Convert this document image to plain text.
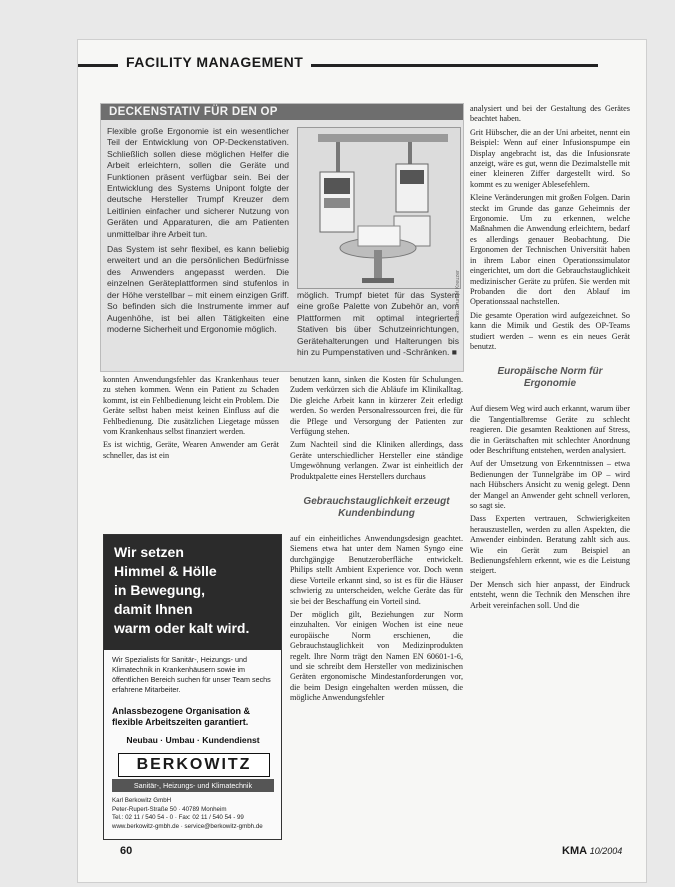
FACILITY MANAGEMENT
DECKENSTATIV FÜR DEN OP

Flexible große Ergonomie ist ein wesentlicher Teil der Entwicklung von OP-Deckenstativen. Schließlich sollen diese möglichen Helfer die Arbeit erleichtern, sollen die Geräte und Funktionen präsent verfügbar sein. Bei der Entwicklung des Systems Unipont folgte der deutsche Hersteller Trumpf Kreuzer dem Leitlinien einfacher und sicherer Nutzung von Geräten und Apparaturen, die am Patienten unmittelbar ihre Arbeit tun.

Das System ist sehr flexibel, es kann beliebig erweitert und an die persönlichen Bedürfnisse des Anwenders angepasst werden. Die einzelnen Geräteplattformen sind stufenlos in der Höhe verstellbar – mit einem einzigen Griff. So befinden sich die Instrumente immer auf Augenhöhe, ist bei allen Tätigkeiten eine moderne Sicherheit und Ergonomie möglich.

möglich. Trumpf bietet für das System eine große Palette von Zubehör an, vom Plattformen mit optimal integrierten Stativen bis über Schutzeinrichtungen, Gerätehalterungen und Halterungen bis hin zu Pumpenstativen und -Schränken. ■
Foto: Trumpf Kreuzer

konnten Anwendungsfehler das Krankenhaus teuer zu stehen kommen. Wenn ein Patient zu Schaden kommt, ist ein Fehlbedienung leicht ein Problem. Die Geräte selbst haben meist keinen Einfluss auf die Fehlbedienung. Die zusätzlichen Liegetage müssen vom Krankenhaus selbst finanziert werden.

Es ist wichtig, Geräte, Wearen Anwender am Gerät schneller, das ist ein

benutzen kann, sinken die Kosten für Schulungen. Zudem verkürzen sich die Abläufe im Klinikalltag. Die gleiche Arbeit kann in kürzerer Zeit erledigt werden. So werden Personalressourcen frei, die für die Pflege und Versorgung der Patienten zur Verfügung stehen.

Zum Nachteil sind die Kliniken allerdings, dass Geräte unterschiedlicher Hersteller eine ständige Umgewöhnung verlangen. Zwar ist einheitlich der Produktpalette eines Herstellers durchaus

Gebrauchstauglichkeit erzeugt Kundenbindung

auf ein einheitliches Anwendungsdesign geachtet. Siemens etwa hat unter dem Namen Syngo eine durchgängige Benutzeroberfläche entwickelt. Philips stellt Ambient Experience vor. Doch wenn diese Vorteile erkannt sind, so ist es für die Häuser schwierig zu unterscheiden, welche Geräte das für sie bei der Beschaffung ein Vorteil sind.

Der möglich gilt, Beziehungen zur Norm einzuhalten. Vor einigen Wochen ist eine neue europäische Norm erschienen, die Gebrauchstauglichkeit von Medizinprodukten regelt. Ihre Norm trägt den Namen EN 60601-1-6, und sie schreibt dem Hersteller von medizinischen Geräten ergonomische Mindestanforderungen vor, die beim Design eingehalten werden müssen, die mögliche Anwendungsfehler

analysiert und bei der Gestaltung des Gerätes beachtet haben.

Grit Hübscher, die an der Uni arbeitet, nennt ein Beispiel: Wenn auf einer Infusionspumpe ein Display angebracht ist, das die Infusionsrate anzeigt, wäre es gut, wenn die Dezimalstelle mit einer kleineren Ziffer dargestellt wird. So kommt es zu weniger Ablesefehlern.

Kleine Veränderungen mit großen Folgen. Darin steckt im Grunde das ganze Geheimnis der Ergonomie. Um zu erkennen, welche Maßnahmen die Anwendung erleichtern, bedarf es allerdings genauer Beobachtung. Die Ergonomen der Technischen Universität haben in ihrem Labor einen Operationssimulator eingerichtet, um dort die Gebrauchstauglichkeit medizinischer Geräte zu prüfen. Sie werden mit Probanden die dort den Ablauf im Operationssaal nachstellen.

Die gesamte Operation wird aufgezeichnet. So kann die Mimik und Gestik des OP-Teams studiert werden – wenn es ein neues Gerät benutzt.

Europäische Norm für Ergonomie

Auf diesem Weg wird auch erkannt, warum über die Tangentialbremse Geräte zu schlecht reagieren. Die gesamten Reaktionen auf Stress, die in Gerätschaften mit schlechter Anordnung oder Beschriftung entstehen, werden analysiert.

Auf der Umsetzung von Erkenntnissen – etwa Bedienungen der Tunnelgräbe im OP – wird nach Hübschers Ansicht zu wenig gelegt. Denn der Mangel an Anwender geht schnell verloren, so sagt sie.

Dass Experten vertrauen, Schwierigkeiten herauszustellen, werden zu allen Aspekten, die Anwender einbinden. Beratung zahlt sich aus. Wie ein Gerät zum Beispiel an Bedienungsfehlern erkennt, wie es die Leistung steigert.

Der Mensch sich hier anpasst, der Eindruck entsteht, wenn die Technik den Menschen ihre Arbeit vereinfachen soll. Und die

Wir setzen
Himmel & Hölle
in Bewegung,
damit Ihnen
warm oder kalt wird.
Wir Spezialists für Sanitär-, Heizungs- und Klimatechnik in Krankenhäusern sowie im öffentlichen Bereich suchen für unser Team sechs erfahrene Mitarbeiter.
Anlassbezogene Organisation & flexible Arbeitszeiten garantiert.
Neubau · Umbau · Kundendienst
BERKOWITZ
Sanitär-, Heizungs- und Klimatechnik
Karl Berkowitz GmbH
Peter-Rupert-Straße 50 · 40789 Monheim
Tel.: 02 11 / 540 54 - 0 · Fax: 02 11 / 540 54 - 99
www.berkowitz-gmbh.de · service@berkowitz-gmbh.de
60	KMA 10/2004
